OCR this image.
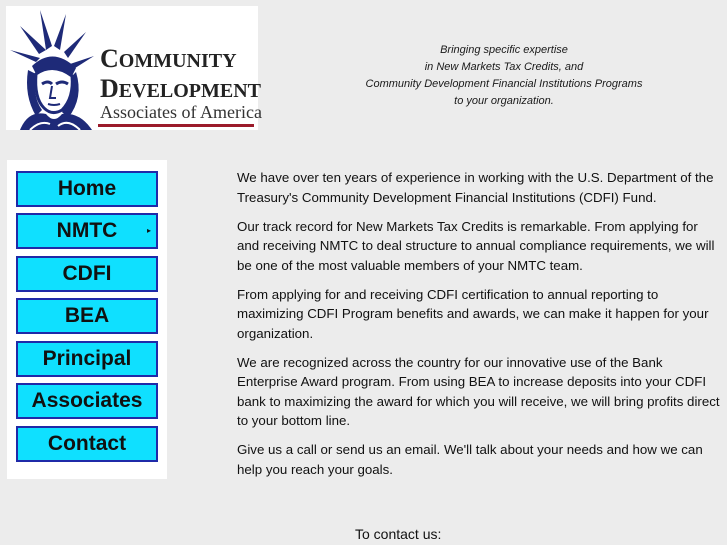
COMMUNITY
DEVELOPMENT
Associates of America
Bringing specific expertise
in New Markets Tax Credits, and
Community Development Financial Institutions Programs
to your organization.
Home
NMTC	▸
CDFI
BEA
Principal
Associates
Contact

We have over ten years of experience in working with the U.S. Department of the Treasury's Community Development Financial Institutions (CDFI) Fund.

Our track record for New Markets Tax Credits is remarkable. From applying for and receiving NMTC to deal structure to annual compliance requirements, we will be one of the most valuable members of your NMTC team.

From applying for and receiving CDFI certification to annual reporting to maximizing CDFI Program benefits and awards, we can make it happen for your organization.

We are recognized across the country for our innovative use of the Bank Enterprise Award program. From using BEA to increase deposits into your CDFI bank to maximizing the award for which you will receive, we will bring profits direct to your bottom line.

Give us a call or send us an email. We'll talk about your needs and how we can help you reach your goals.

To contact us:
